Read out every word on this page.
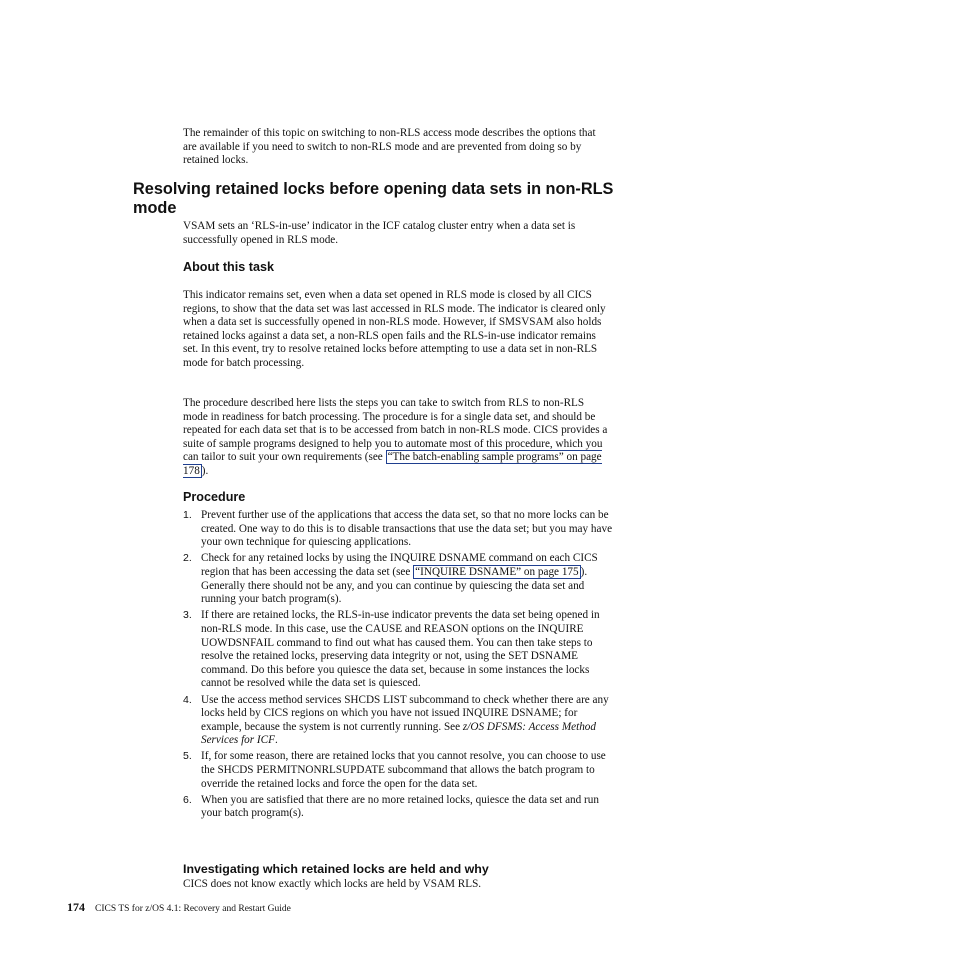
The remainder of this topic on switching to non-RLS access mode describes the options that are available if you need to switch to non-RLS mode and are prevented from doing so by retained locks.

Resolving retained locks before opening data sets in non-RLS mode

VSAM sets an ‘RLS-in-use’ indicator in the ICF catalog cluster entry when a data set is successfully opened in RLS mode.

About this task

This indicator remains set, even when a data set opened in RLS mode is closed by all CICS regions, to show that the data set was last accessed in RLS mode. The indicator is cleared only when a data set is successfully opened in non-RLS mode. However, if SMSVSAM also holds retained locks against a data set, a non-RLS open fails and the RLS-in-use indicator remains set. In this event, try to resolve retained locks before attempting to use a data set in non-RLS mode for batch processing.

The procedure described here lists the steps you can take to switch from RLS to non-RLS mode in readiness for batch processing. The procedure is for a single data set, and should be repeated for each data set that is to be accessed from batch in non-RLS mode. CICS provides a suite of sample programs designed to help you to automate most of this procedure, which you can tailor to suit your own requirements (see “The batch-enabling sample programs” on page 178 ).

Procedure
1. Prevent further use of the applications that access the data set, so that no more locks can be created. One way to do this is to disable transactions that use the data set; but you may have your own technique for quiescing applications.
2. Check for any retained locks by using the INQUIRE DSNAME command on each CICS region that has been accessing the data set (see “INQUIRE DSNAME” on page 175 ). Generally there should not be any, and you can continue by quiescing the data set and running your batch program(s).
3. If there are retained locks, the RLS-in-use indicator prevents the data set being opened in non-RLS mode. In this case, use the CAUSE and REASON options on the INQUIRE UOWDSNFAIL command to find out what has caused them. You can then take steps to resolve the retained locks, preserving data integrity or not, using the SET DSNAME command. Do this before you quiesce the data set, because in some instances the locks cannot be resolved while the data set is quiesced.
4. Use the access method services SHCDS LIST subcommand to check whether there are any locks held by CICS regions on which you have not issued INQUIRE DSNAME; for example, because the system is not currently running. See z/OS DFSMS: Access Method Services for ICF.
5. If, for some reason, there are retained locks that you cannot resolve, you can choose to use the SHCDS PERMITNONRLSUPDATE subcommand that allows the batch program to override the retained locks and force the open for the data set.
6. When you are satisfied that there are no more retained locks, quiesce the data set and run your batch program(s).
Investigating which retained locks are held and why

CICS does not know exactly which locks are held by VSAM RLS.

174 CICS TS for z/OS 4.1: Recovery and Restart Guide
